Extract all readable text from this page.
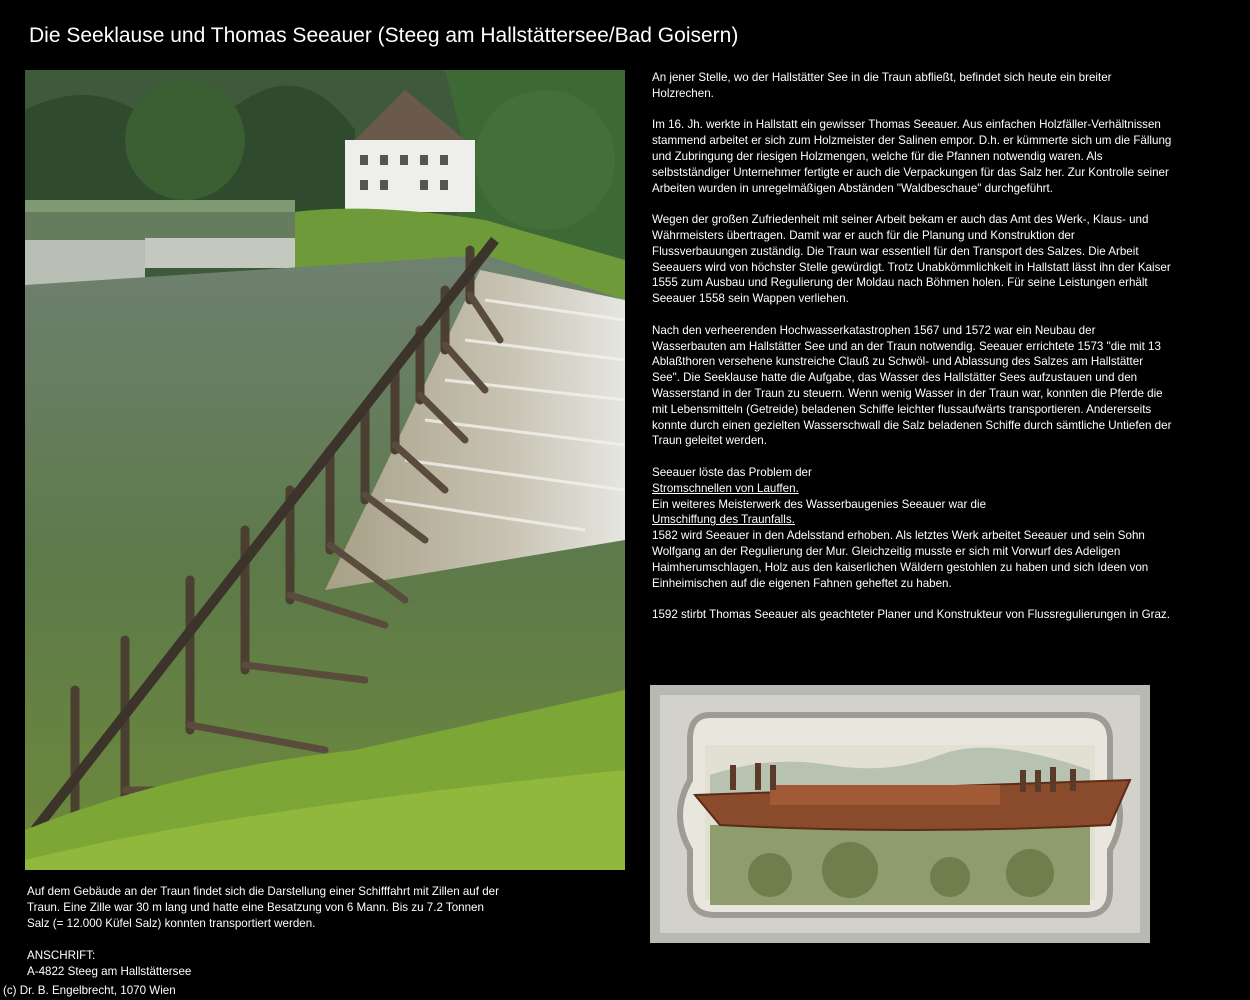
Die Seeklause und Thomas Seeauer (Steeg am Hallstättersee/Bad Goisern)

An jener Stelle, wo der Hallstätter See in die Traun abfließt, befindet sich heute ein breiter Holzrechen.

Im 16. Jh. werkte in Hallstatt ein gewisser Thomas Seeauer. Aus einfachen Holzfäller-Verhältnissen stammend arbeitet er sich zum Holzmeister der Salinen empor. D.h. er kümmerte sich um die Fällung und Zubringung der riesigen Holzmengen, welche für die Pfannen notwendig waren. Als selbstständiger Unternehmer fertigte er auch die Verpackungen für das Salz her. Zur Kontrolle seiner Arbeiten wurden in unregelmäßigen Abständen "Waldbeschaue" durchgeführt.

Wegen der großen Zufriedenheit mit seiner Arbeit bekam er auch das Amt des Werk-, Klaus- und Währmeisters übertragen. Damit war er auch für die Planung und Konstruktion der Flussverbauungen zuständig. Die Traun war essentiell für den Transport des Salzes. Die Arbeit Seeauers wird von höchster Stelle gewürdigt. Trotz Unabkömmlichkeit in Hallstatt lässt ihn der Kaiser 1555 zum Ausbau und Regulierung der Moldau nach Böhmen holen. Für seine Leistungen erhält Seeauer 1558 sein Wappen verliehen.

Nach den verheerenden Hochwasserkatastrophen 1567 und 1572 war ein Neubau der Wasserbauten am Hallstätter See und an der Traun notwendig. Seeauer errichtete 1573 "die mit 13 Ablaßthoren versehene kunstreiche Clauß zu Schwöl- und Ablassung des Salzes am Hallstätter See". Die Seeklause hatte die Aufgabe, das Wasser des Hallstätter Sees aufzustauen und den Wasserstand in der Traun zu steuern. Wenn wenig Wasser in der Traun war, konnten die Pferde die mit Lebensmitteln (Getreide) beladenen Schiffe leichter flussaufwärts transportieren. Andererseits konnte durch einen gezielten Wasserschwall die Salz beladenen Schiffe durch sämtliche Untiefen der Traun geleitet werden.

Seeauer löste das Problem der
Stromschnellen von Lauffen.
Ein weiteres Meisterwerk des Wasserbaugenies Seeauer war die
Umschiffung des Traunfalls.
1582 wird Seeauer in den Adelsstand erhoben. Als letztes Werk arbeitet Seeauer und sein Sohn Wolfgang an der Regulierung der Mur. Gleichzeitig musste er sich mit Vorwurf des Adeligen Haimherumschlagen, Holz aus den kaiserlichen Wäldern gestohlen zu haben und sich Ideen von Einheimischen auf die eigenen Fahnen geheftet zu haben.

1592 stirbt Thomas Seeauer als geachteter Planer und Konstrukteur von Flussregulierungen in Graz.

Auf dem Gebäude an der Traun findet sich die Darstellung einer Schifffahrt mit Zillen auf der Traun. Eine Zille war 30 m lang und hatte eine Besatzung von 6 Mann. Bis zu 7.2 Tonnen Salz (= 12.000 Küfel Salz) konnten transportiert werden.

ANSCHRIFT:
A-4822 Steeg am Hallstättersee
(c) Dr. B. Engelbrecht, 1070 Wien
